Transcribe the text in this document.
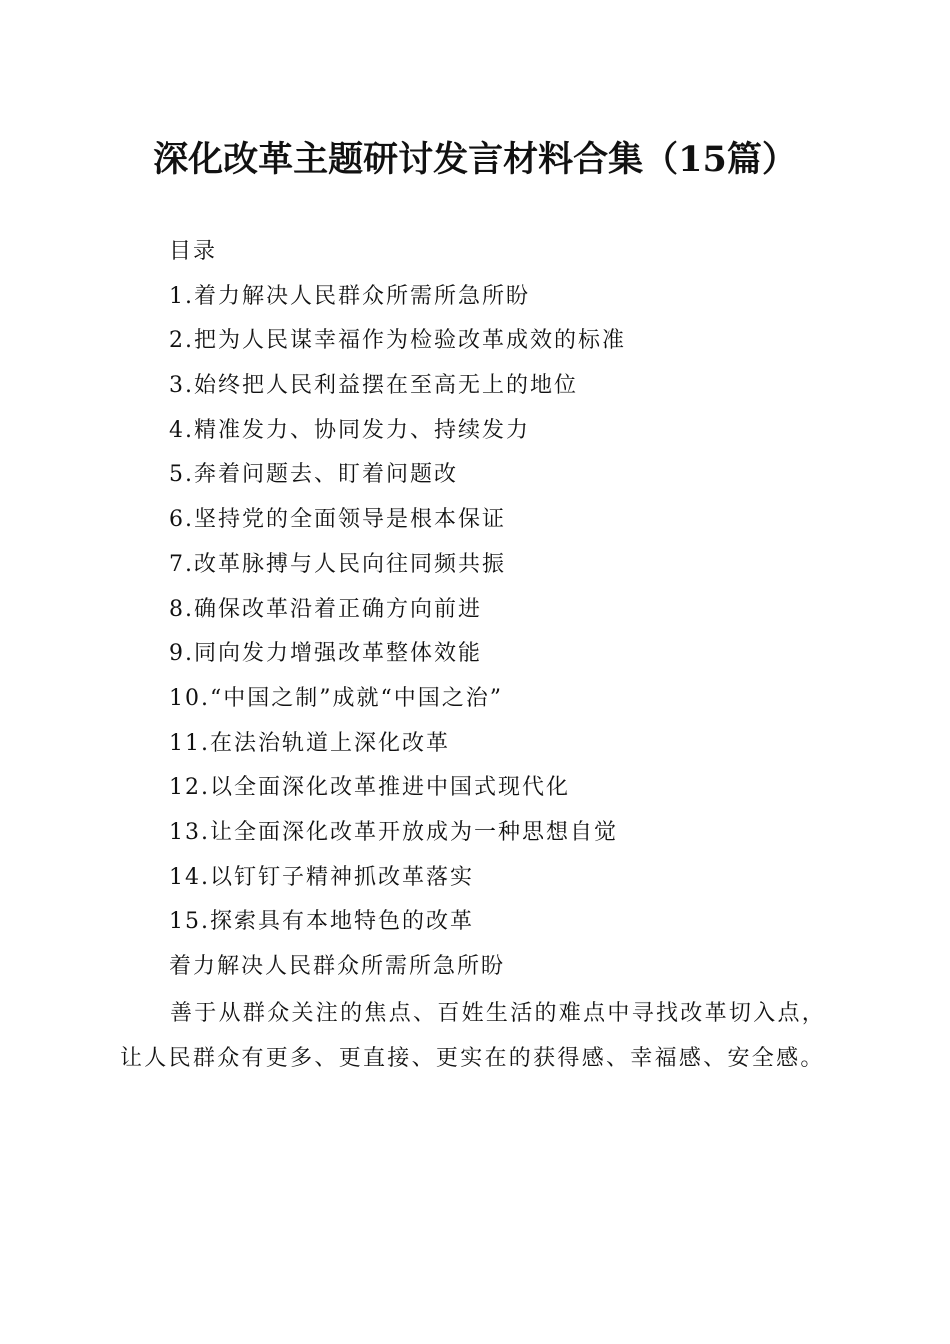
深化改革主题研讨发言材料合集（15篇）
目录
1.着力解决人民群众所需所急所盼
2.把为人民谋幸福作为检验改革成效的标准
3.始终把人民利益摆在至高无上的地位
4.精准发力、协同发力、持续发力
5.奔着问题去、盯着问题改
6.坚持党的全面领导是根本保证
7.改革脉搏与人民向往同频共振
8.确保改革沿着正确方向前进
9.同向发力增强改革整体效能
10.“中国之制”成就“中国之治”
11.在法治轨道上深化改革
12.以全面深化改革推进中国式现代化
13.让全面深化改革开放成为一种思想自觉
14.以钉钉子精神抓改革落实
15.探索具有本地特色的改革
着力解决人民群众所需所急所盼
善于从群众关注的焦点、百姓生活的难点中寻找改革切入点，让人民群众有更多、更直接、更实在的获得感、幸福感、安全感。
